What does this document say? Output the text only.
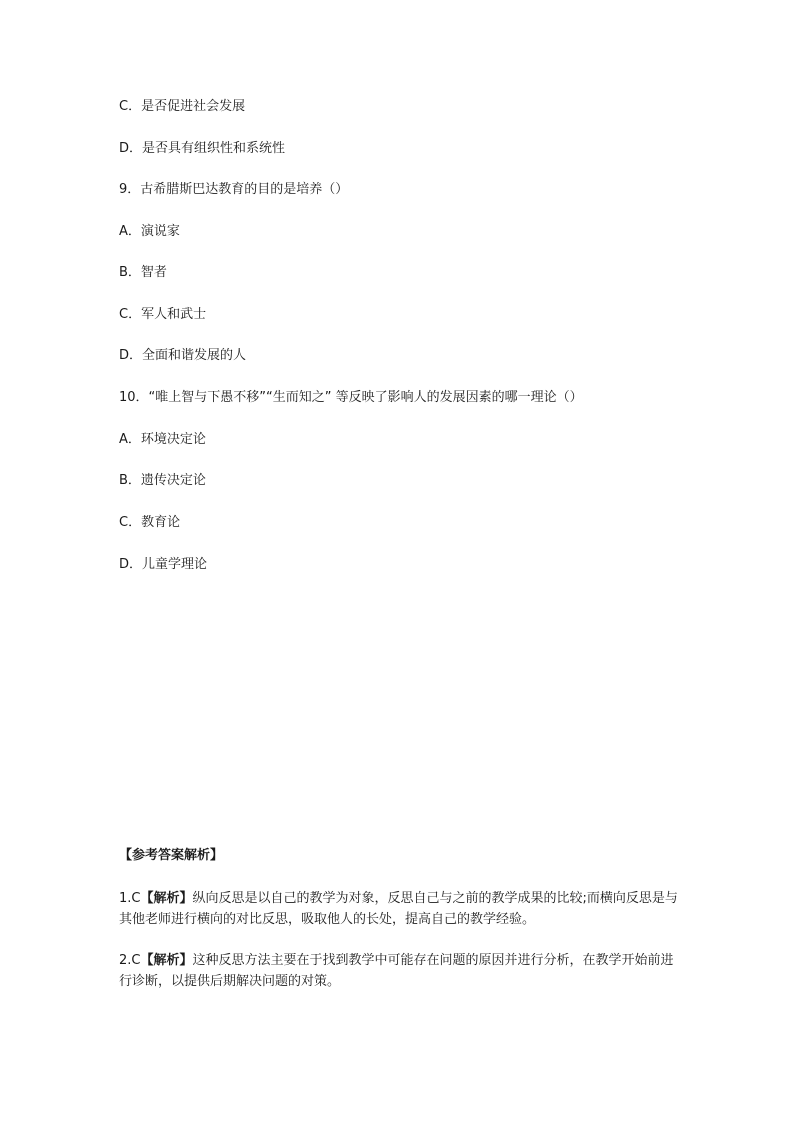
C．是否促进社会发展
D．是否具有组织性和系统性
9．古希腊斯巴达教育的目的是培养（）
A．演说家
B．智者
C．军人和武士
D．全面和谐发展的人
10．“唯上智与下愚不移”“生而知之” 等反映了影响人的发展因素的哪一理论（）
A．环境决定论
B．遗传决定论
C．教育论
D．儿童学理论
【参考答案解析】
1.C【解析】纵向反思是以自己的教学为对象，反思自己与之前的教学成果的比较;而横向反思是与其他老师进行横向的对比反思，吸取他人的长处，提高自己的教学经验。
2.C【解析】这种反思方法主要在于找到教学中可能存在问题的原因并进行分析，在教学开始前进行诊断，以提供后期解决问题的对策。
